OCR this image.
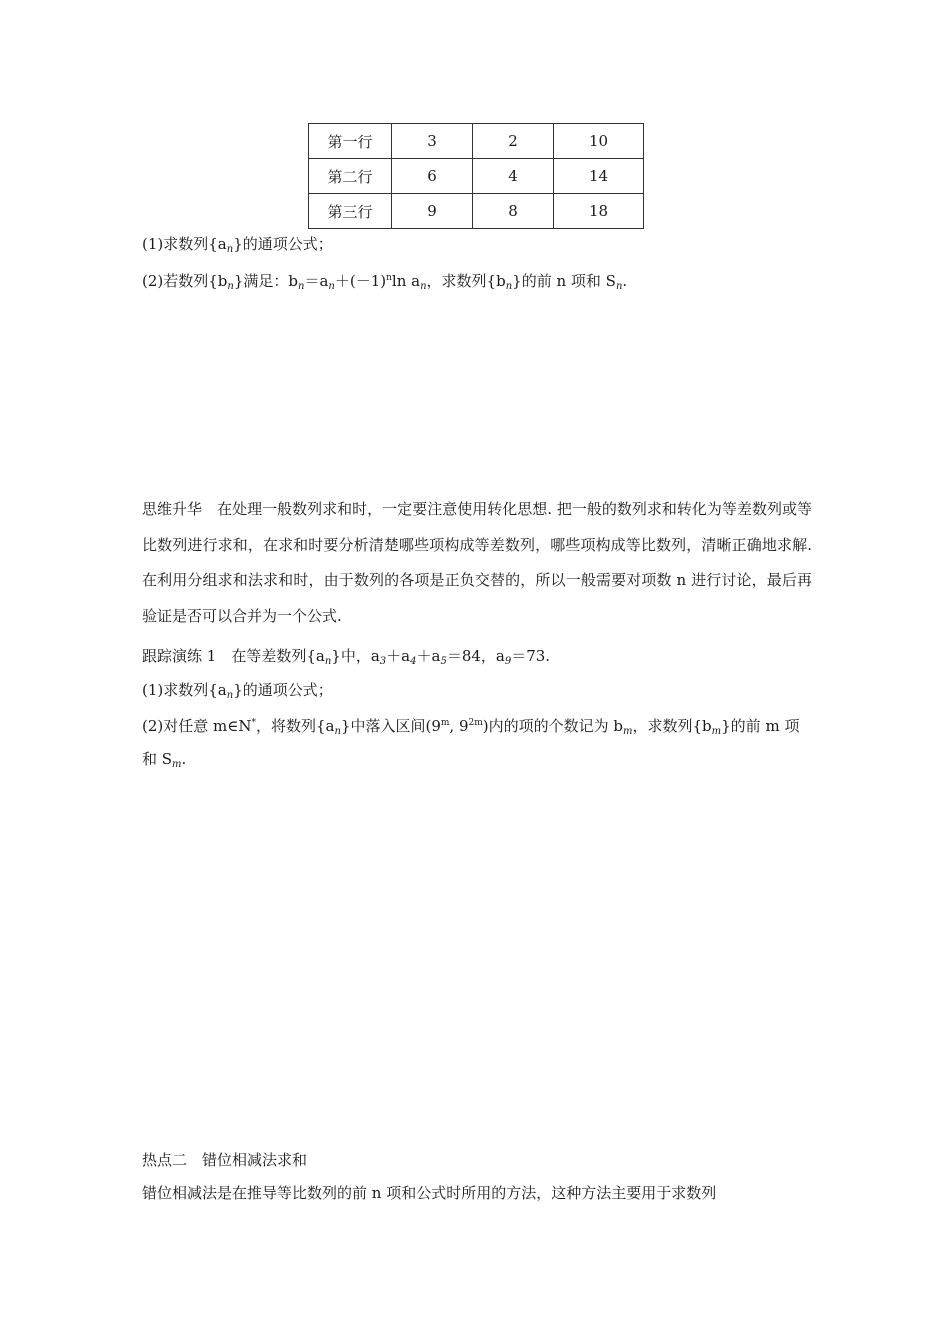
第一行	3	2	10
第二行	6	4	14
第三行	9	8	18
(1)求数列$\{a_n\}$的通项公式；
(2)若数列$\{b_n\}$满足：$b_n=a_n+(-1)^n\ln$ $a_n$，求数列$\{b_n\}$的前 n 项和 $S_n$.
思维升华　 在处理一般数列求和时，一定要注意使用转化思想. 把一般的数列求和转化为等差数列或等比数列进行求和，在求和时要分析清楚哪些项构成等差数列，哪些项构成等比数列，清晰正确地求解. 在利用分组求和法求和时，由于数列的各项是正负交替的，所以一般需要对项数 n 进行讨论，最后再验证是否可以合并为一个公式.
跟踪演练 1　 在等差数列$\{a_n\}$中，$a_3+a_4+a_5=84$，$a_9=73$.
(1)求数列$\{a_n\}$的通项公式；
(2)对任意 m∈N*，将数列$\{a_n\}$中落入区间(9$^m$, $9^{2m}$)内的项的个数记为 $b_m$，求数列$\{b_m\}$的前 m 项
和 $S_m$.
热点二　错位相减法求和
错位相减法是在推导等比数列的前 n 项和公式时所用的方法，这种方法主要用于求数列
